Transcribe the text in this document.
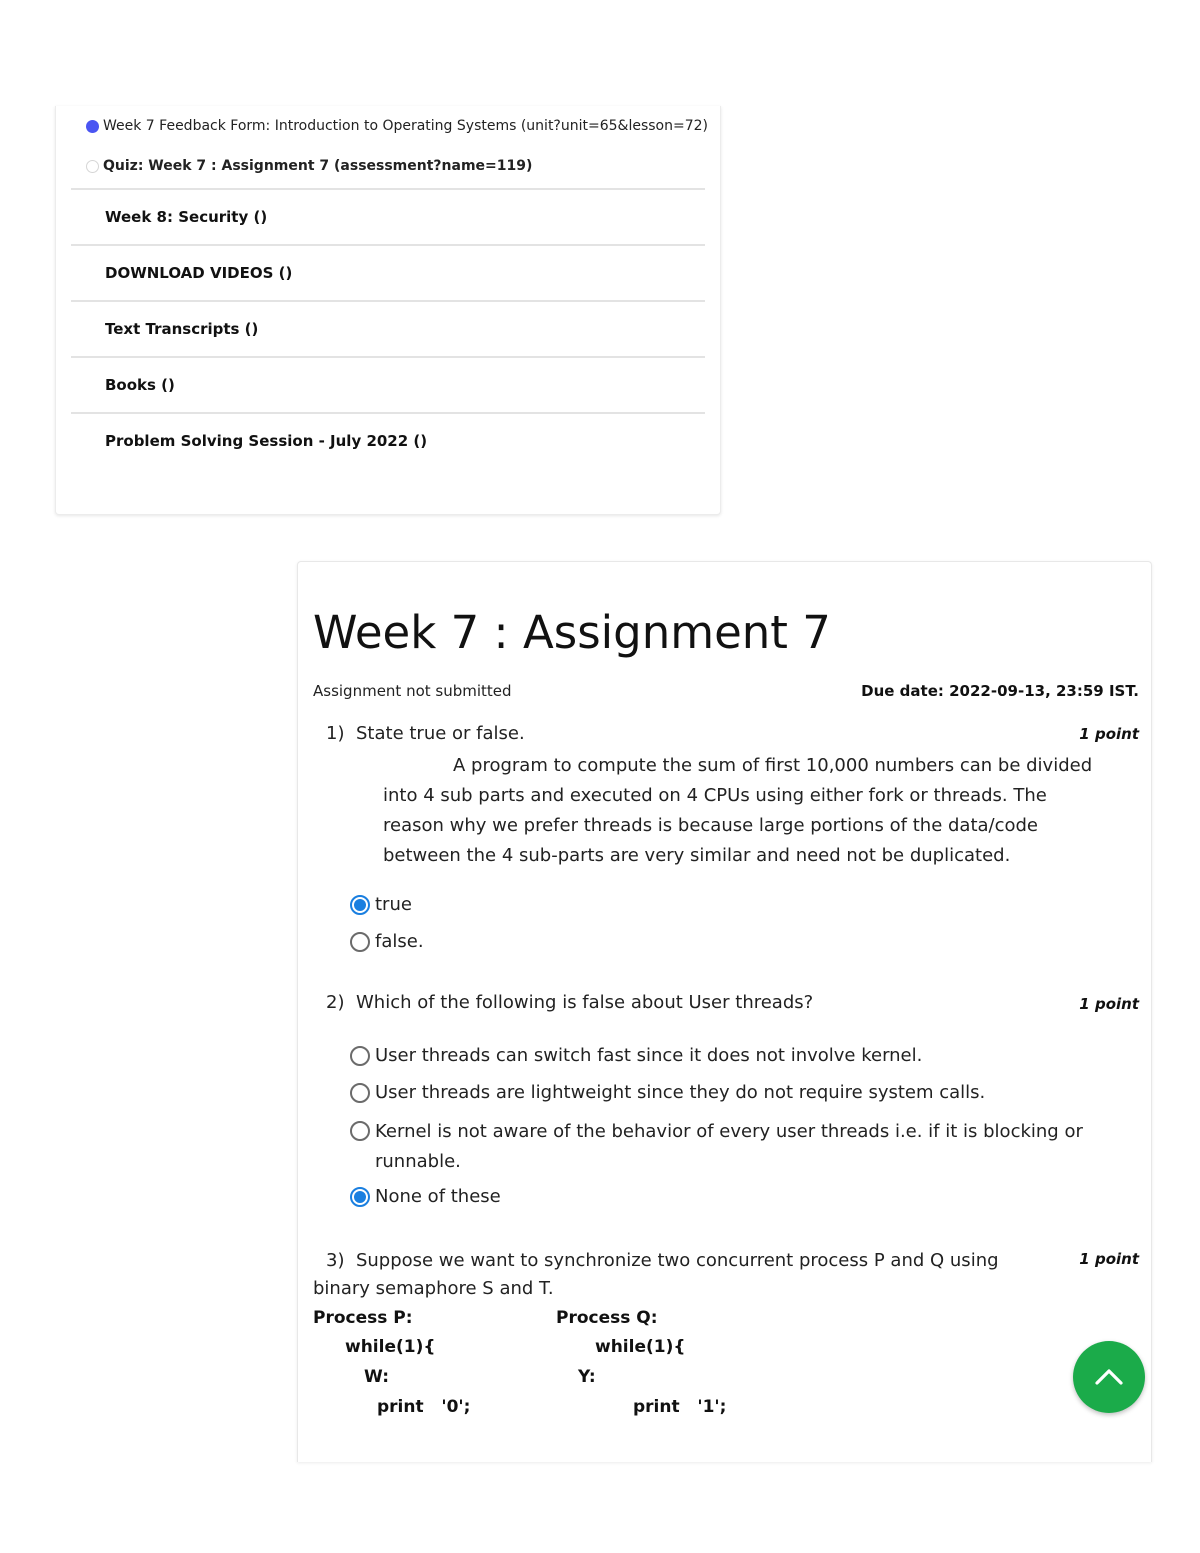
Week 7 Feedback Form: Introduction to Operating Systems (unit?unit=65&lesson=72)
Quiz: Week 7 : Assignment 7 (assessment?name=119)
Week 8: Security ()
DOWNLOAD VIDEOS ()
Text Transcripts ()
Books ()
Problem Solving Session - July 2022 ()
Week 7 : Assignment 7
Assignment not submitted	Due date: 2022-09-13, 23:59 IST.
1) State true or false.	1 point
A program to compute the sum of first 10,000 numbers can be divided into 4 sub parts and executed on 4 CPUs using either fork or threads. The reason why we prefer threads is because large portions of the data/code between the 4 sub-parts are very similar and need not be duplicated.
true
false.
2) Which of the following is false about User threads?	1 point
User threads can switch fast since it does not involve kernel.
User threads are lightweight since they do not require system calls.
Kernel is not aware of the behavior of every user threads i.e. if it is blocking or runnable.
None of these
3) Suppose we want to synchronize two concurrent process P and Q using binary semaphore S and T.
1 point
Process P:
while(1){
W:
print   '0';
Process Q:
while(1){
Y:
print   '1';
